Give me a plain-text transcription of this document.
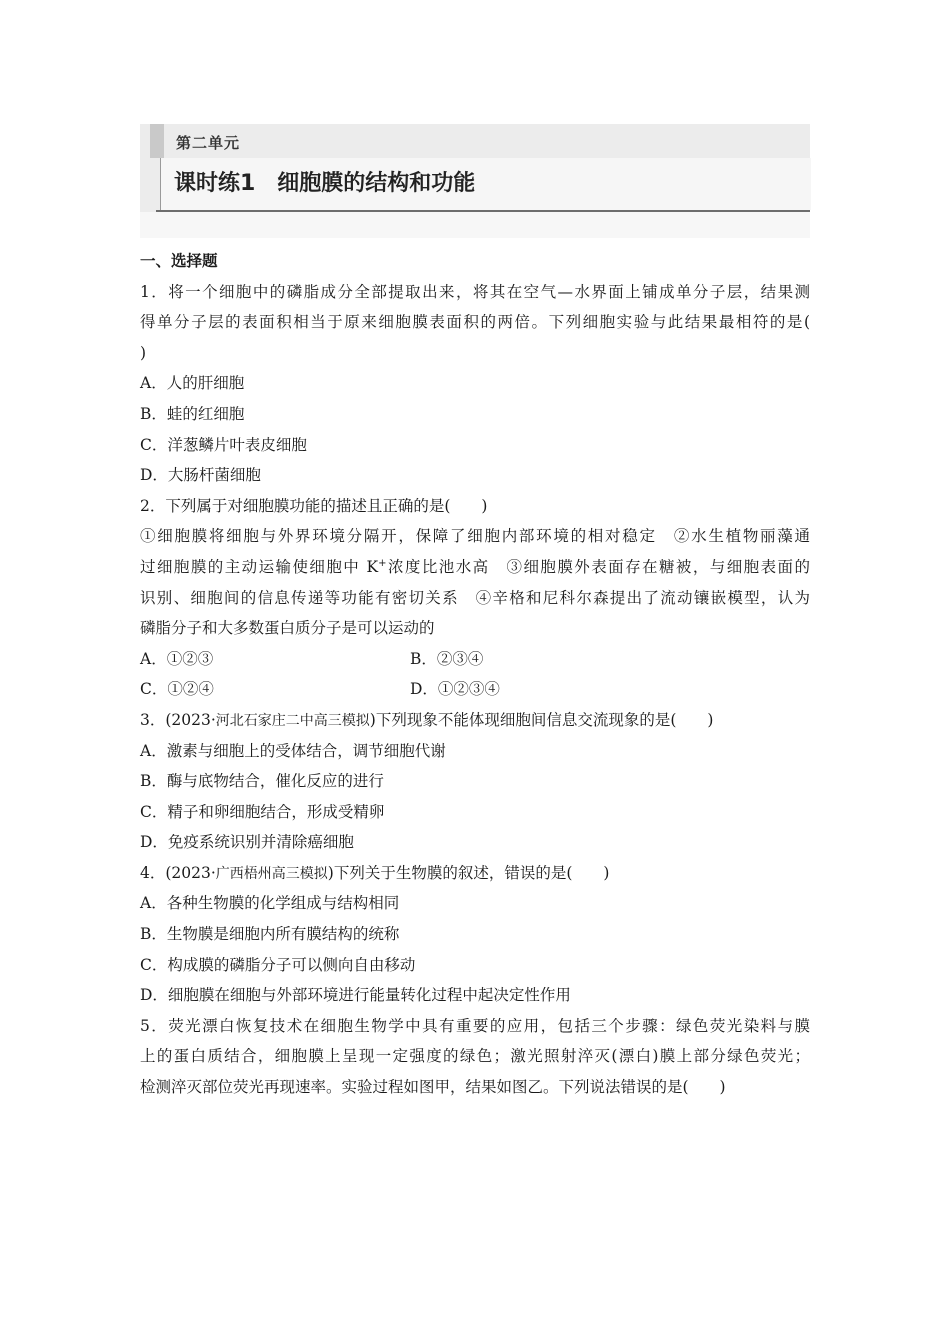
第二单元
课时练1　细胞膜的结构和功能
一、选择题
1．将一个细胞中的磷脂成分全部提取出来，将其在空气—水界面上铺成单分子层，结果测
得单分子层的表面积相当于原来细胞膜表面积的两倍。下列细胞实验与此结果最相符的是(
)
A．人的肝细胞
B．蛙的红细胞
C．洋葱鳞片叶表皮细胞
D．大肠杆菌细胞
2．下列属于对细胞膜功能的描述且正确的是(　　)
①细胞膜将细胞与外界环境分隔开，保障了细胞内部环境的相对稳定　②水生植物丽藻通
过细胞膜的主动运输使细胞中 K+浓度比池水高　③细胞膜外表面存在糖被，与细胞表面的
识别、细胞间的信息传递等功能有密切关系　④辛格和尼科尔森提出了流动镶嵌模型，认为
磷脂分子和大多数蛋白质分子是可以运动的
A．①②③	B．②③④
C．①②④	D．①②③④
3．(2023·河北石家庄二中高三模拟)下列现象不能体现细胞间信息交流现象的是(　　)
A．激素与细胞上的受体结合，调节细胞代谢
B．酶与底物结合，催化反应的进行
C．精子和卵细胞结合，形成受精卵
D．免疫系统识别并清除癌细胞
4．(2023·广西梧州高三模拟)下列关于生物膜的叙述，错误的是(　　)
A．各种生物膜的化学组成与结构相同
B．生物膜是细胞内所有膜结构的统称
C．构成膜的磷脂分子可以侧向自由移动
D．细胞膜在细胞与外部环境进行能量转化过程中起决定性作用
5．荧光漂白恢复技术在细胞生物学中具有重要的应用，包括三个步骤：绿色荧光染料与膜
上的蛋白质结合，细胞膜上呈现一定强度的绿色；激光照射淬灭(漂白)膜上部分绿色荧光；
检测淬灭部位荧光再现速率。实验过程如图甲，结果如图乙。下列说法错误的是(　　)
